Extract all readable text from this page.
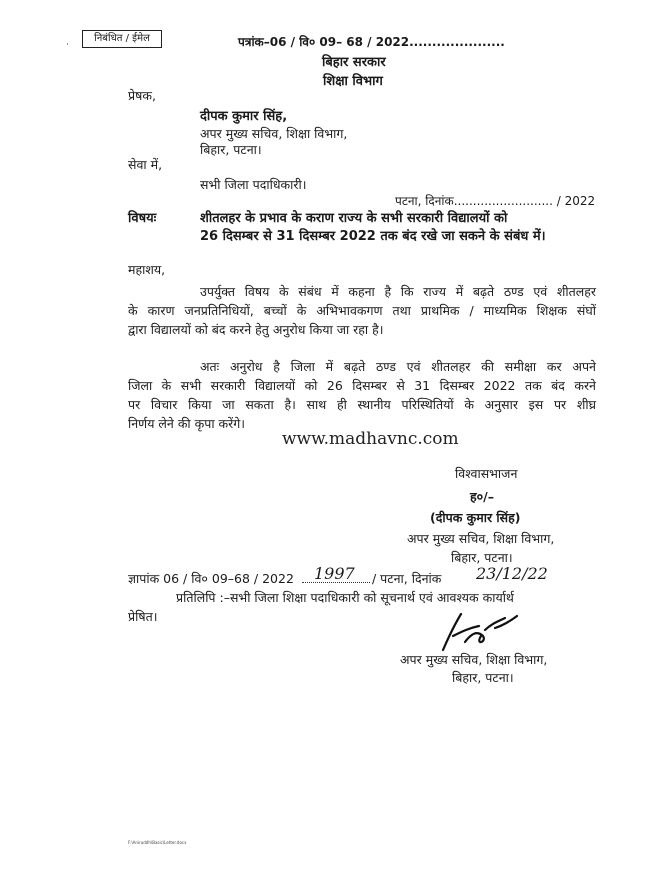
·
निबंधित / ईमेल	पत्रांक–06 / वि० 09– 68 / 2022.....................
बिहार सरकार
शिक्षा विभाग
प्रेषक,
दीपक कुमार सिंह,
अपर मुख्य सचिव, शिक्षा विभाग,
बिहार, पटना।
सेवा में,
सभी जिला पदाधिकारी।
पटना, दिनांक.......................... / 2022
विषयः	शीतलहर के प्रभाव के कराण राज्य के सभी सरकारी विद्यालयों को
26 दिसम्बर से 31 दिसम्बर 2022 तक बंद रखे जा सकने के संबंध में।
महाशय,
उपर्युक्त विषय के संबंध में कहना है कि राज्य में बढ़ते ठण्ड एवं शीतलहर
के कारण जनप्रतिनिधियों, बच्चों के अभिभावकगण तथा प्राथमिक / माध्यमिक शिक्षक संघों
द्वारा विद्यालयों को बंद करने हेतु अनुरोध किया जा रहा है।
अतः अनुरोध है जिला में बढ़ते ठण्ड एवं शीतलहर की समीक्षा कर अपने
जिला के सभी सरकारी विद्यालयों को 26 दिसम्बर से 31 दिसम्बर 2022 तक बंद करने
पर विचार किया जा सकता है। साथ ही स्थानीय परिस्थितियों के अनुसार इस पर शीघ्र
निर्णय लेने की कृपा करेंगे।
www.madhavnc.com
विश्वासभाजन
ह०/–
(दीपक कुमार सिंह)
अपर मुख्य सचिव, शिक्षा विभाग,
बिहार, पटना।
ज्ञापांक 06 / वि० 09–68 / 2022 1997 / पटना, दिनांक 23/12/22
प्रतिलिपि :–सभी जिला शिक्षा पदाधिकारी को सूचनार्थ एवं आवश्यक कार्यार्थ
प्रेषित।
अपर मुख्य सचिव, शिक्षा विभाग,
बिहार, पटना।
F:\Aniruddh\Basic\Letter.docx
